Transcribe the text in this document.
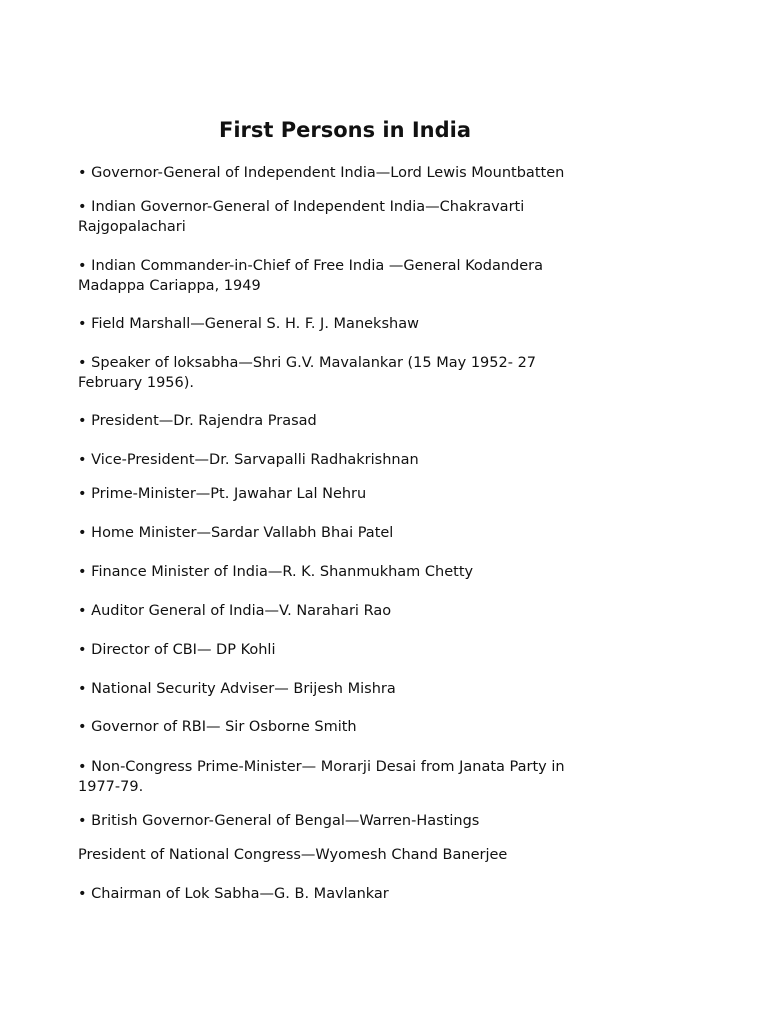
First Persons in India

• Governor-General of Independent India—Lord Lewis Mountbatten

• Indian Governor-General of Independent India—Chakravarti Rajgopalachari

• Indian Commander-in-Chief of Free India —General Kodandera Madappa Cariappa, 1949

• Field Marshall—General S. H. F. J. Manekshaw

• Speaker of loksabha—Shri G.V. Mavalankar (15 May 1952- 27 February 1956).

• President—Dr. Rajendra Prasad

• Vice-President—Dr. Sarvapalli Radhakrishnan

• Prime-Minister—Pt. Jawahar Lal Nehru

• Home Minister—Sardar Vallabh Bhai Patel

• Finance Minister of India—R. K. Shanmukham Chetty

• Auditor General of India—V. Narahari Rao

• Director of CBI— DP Kohli

• National Security Adviser— Brijesh Mishra

• Governor of RBI— Sir Osborne Smith

• Non-Congress Prime-Minister— Morarji Desai from Janata Party in 1977-79.

• British Governor-General of Bengal—Warren-Hastings

President of National Congress—Wyomesh Chand Banerjee

• Chairman of Lok Sabha—G. B. Mavlankar
